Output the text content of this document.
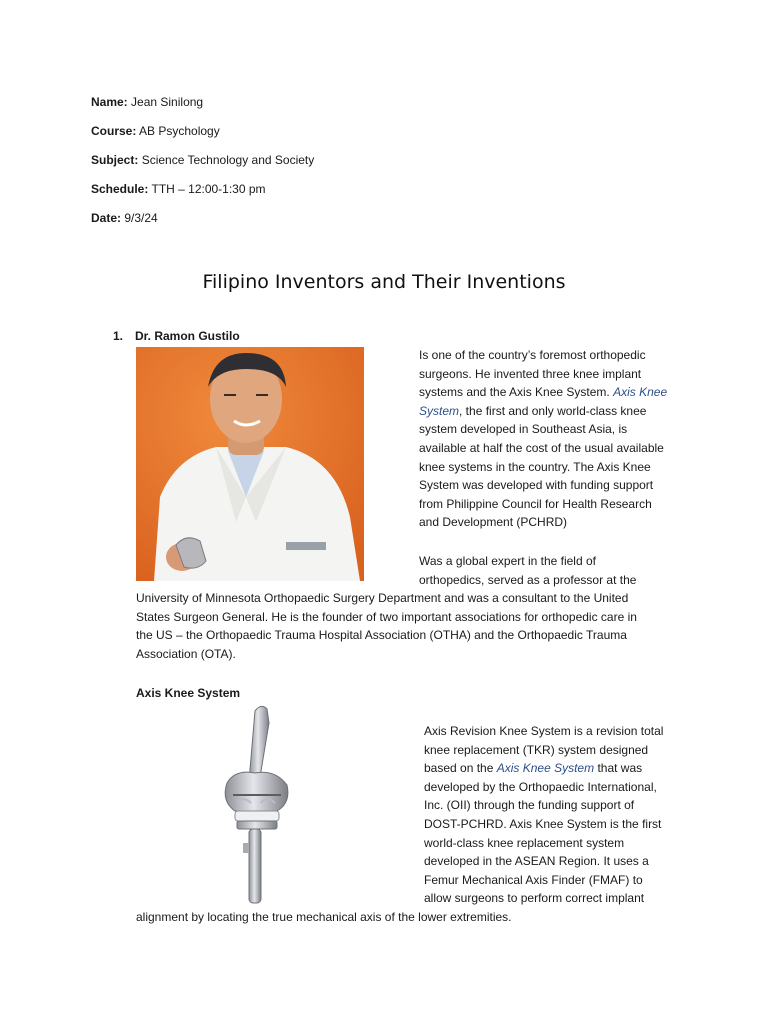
Name: Jean Sinilong
Course: AB Psychology
Subject: Science Technology and Society
Schedule: TTH – 12:00-1:30 pm
Date: 9/3/24
Filipino Inventors and Their Inventions
1. Dr. Ramon Gustilo
Is one of the country’s foremost orthopedic
surgeons. He invented three knee implant
systems and the Axis Knee System. Axis Knee
System, the first and only world-class knee
system developed in Southeast Asia, is
available at half the cost of the usual available
knee systems in the country. The Axis Knee
System was developed with funding support
from Philippine Council for Health Research
and Development (PCHRD)
Was a global expert in the field of
orthopedics, served as a professor at the
University of Minnesota Orthopaedic Surgery Department and was a consultant to the United
States Surgeon General. He is the founder of two important associations for orthopedic care in
the US – the Orthopaedic Trauma Hospital Association (OTHA) and the Orthopaedic Trauma
Association (OTA).
Axis Knee System
Axis Revision Knee System is a revision total
knee replacement (TKR) system designed
based on the Axis Knee System that was
developed by the Orthopaedic International,
Inc. (OII) through the funding support of
DOST-PCHRD. Axis Knee System is the first
world-class knee replacement system
developed in the ASEAN Region. It uses a
Femur Mechanical Axis Finder (FMAF) to
allow surgeons to perform correct implant
alignment by locating the true mechanical axis of the lower extremities.
